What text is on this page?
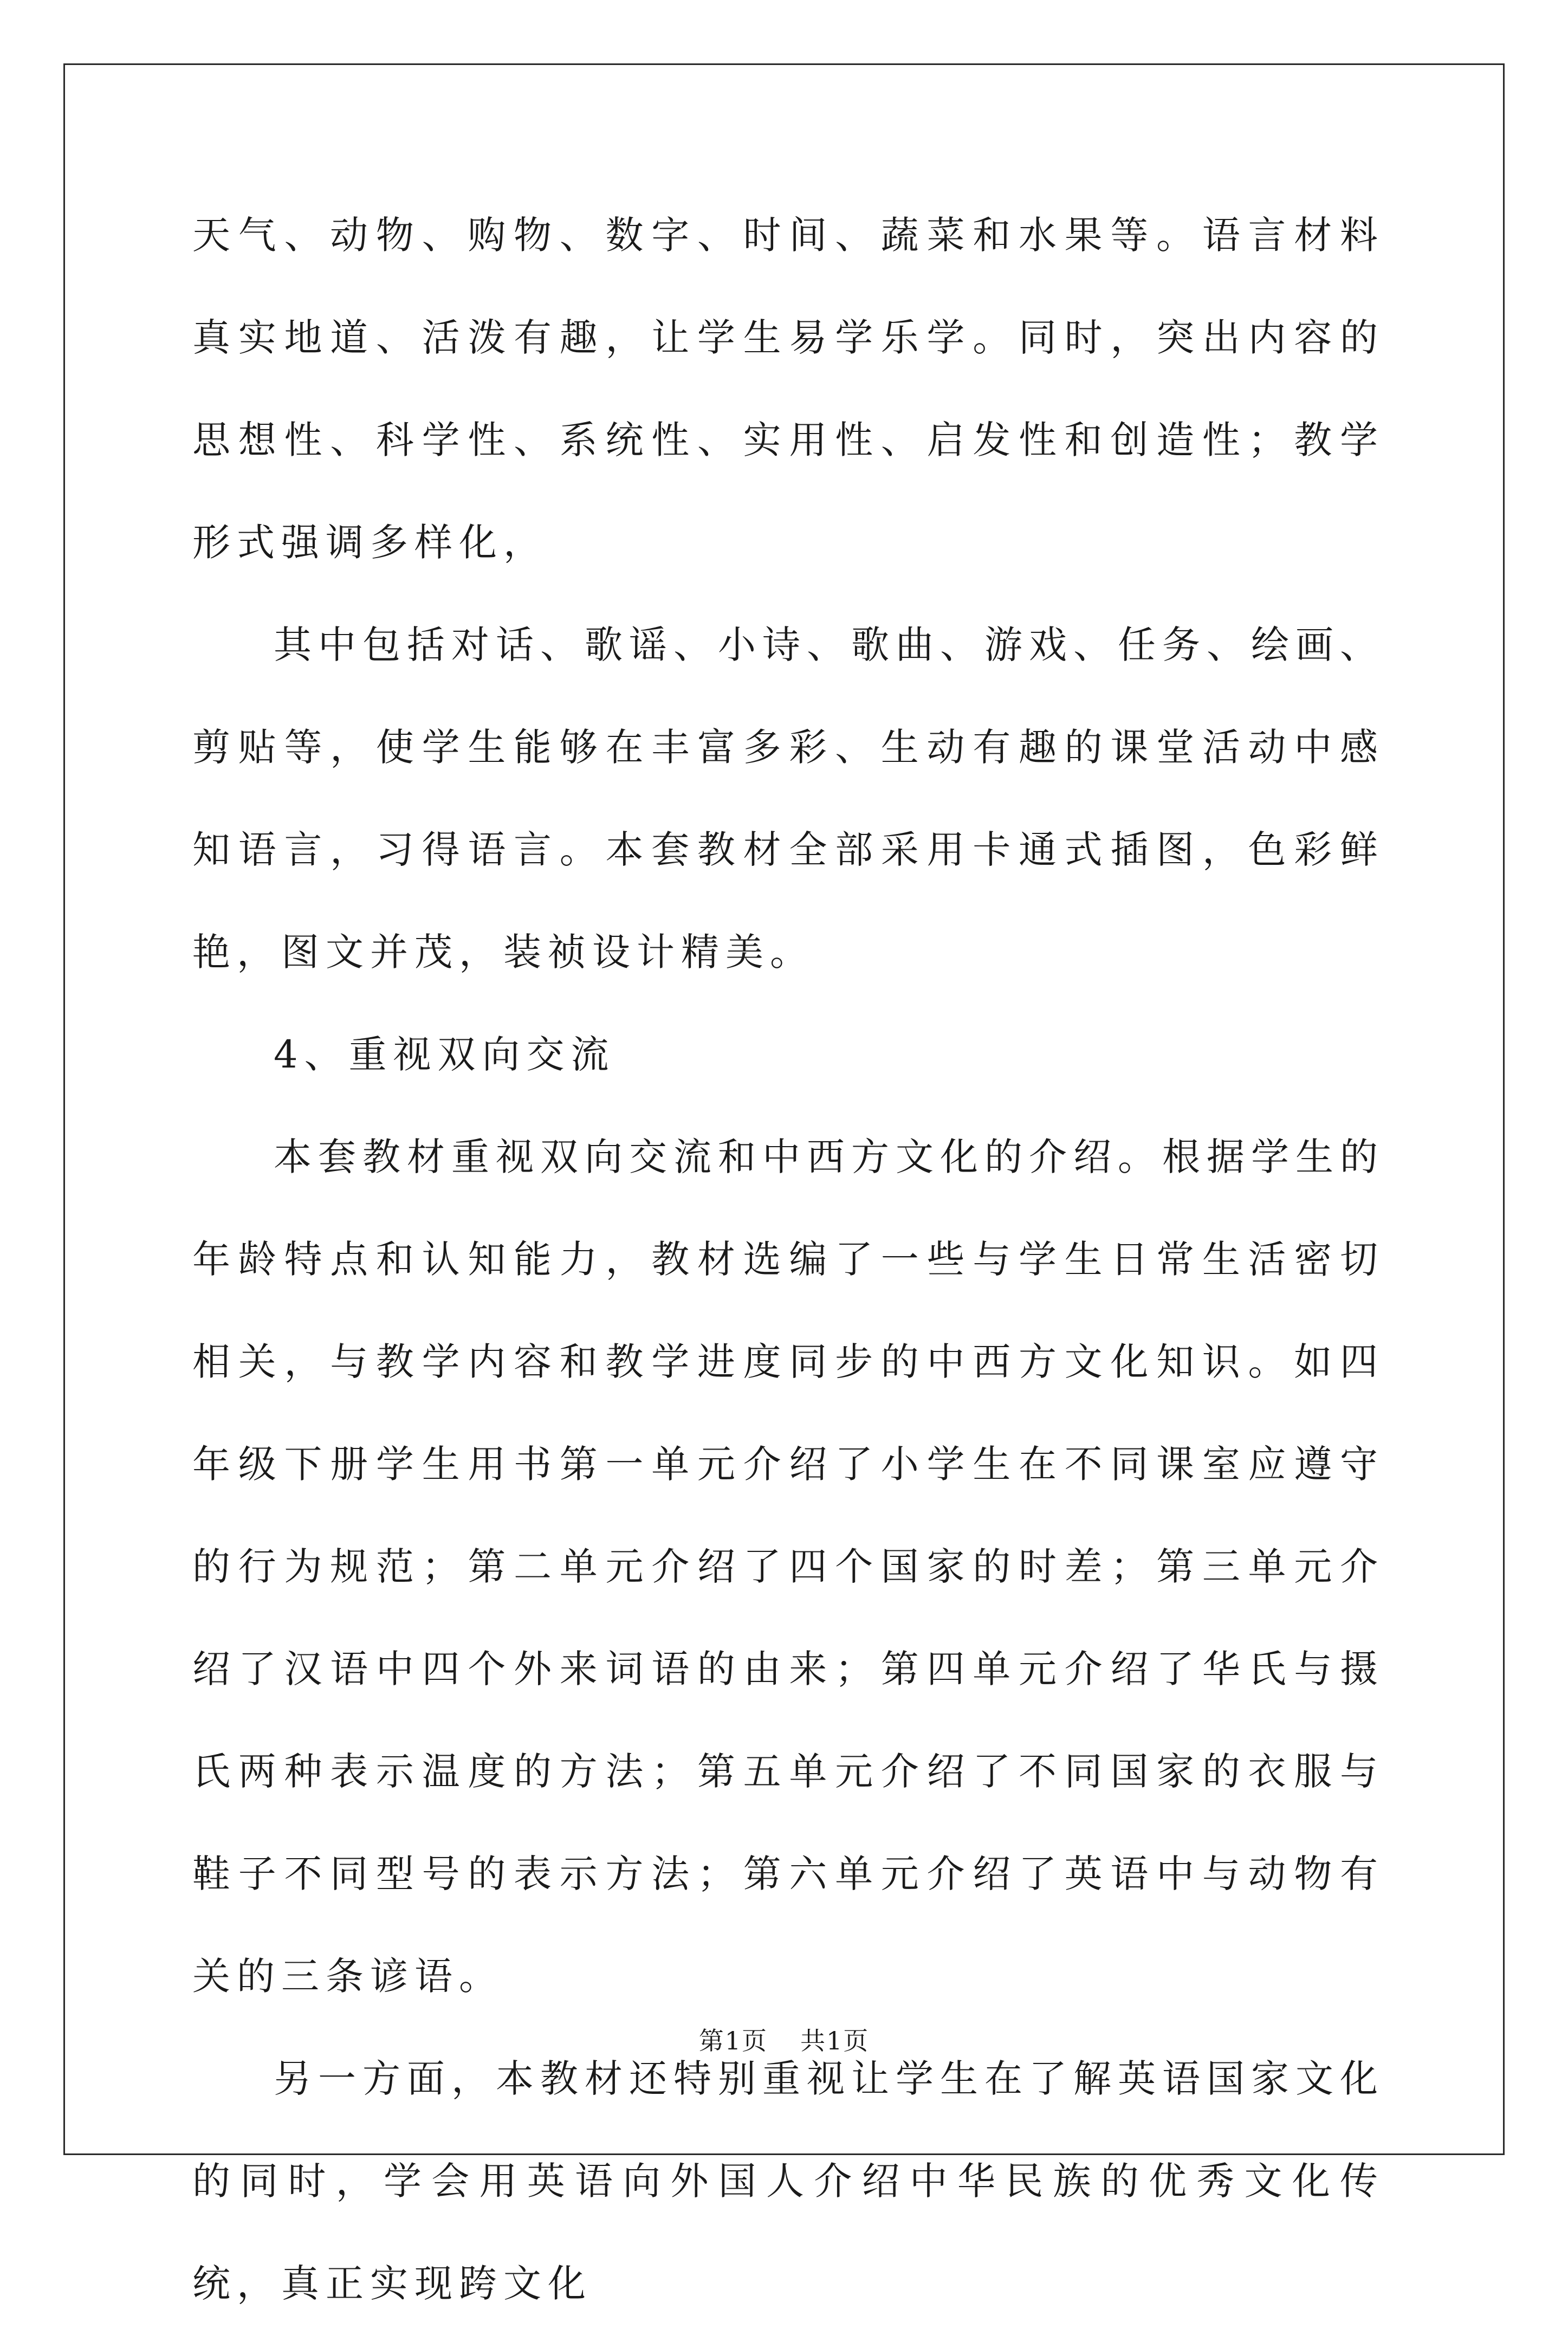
天气、动物、购物、数字、时间、蔬菜和水果等。语言材料真实地道、活泼有趣，让学生易学乐学。同时，突出内容的思想性、科学性、系统性、实用性、启发性和创造性；教学形式强调多样化，

其中包括对话、歌谣、小诗、歌曲、游戏、任务、绘画、剪贴等，使学生能够在丰富多彩、生动有趣的课堂活动中感知语言，习得语言。本套教材全部采用卡通式插图，色彩鲜艳，图文并茂，装祯设计精美。

4、重视双向交流

本套教材重视双向交流和中西方文化的介绍。根据学生的年龄特点和认知能力，教材选编了一些与学生日常生活密切相关，与教学内容和教学进度同步的中西方文化知识。如四年级下册学生用书第一单元介绍了小学生在不同课室应遵守的行为规范；第二单元介绍了四个国家的时差；第三单元介绍了汉语中四个外来词语的由来；第四单元介绍了华氏与摄氏两种表示温度的方法；第五单元介绍了不同国家的衣服与鞋子不同型号的表示方法；第六单元介绍了英语中与动物有关的三条谚语。

另一方面，本教材还特别重视让学生在了解英语国家文化的同时，学会用英语向外国人介绍中华民族的优秀文化传统，真正实现跨文化

第1页 共1页
